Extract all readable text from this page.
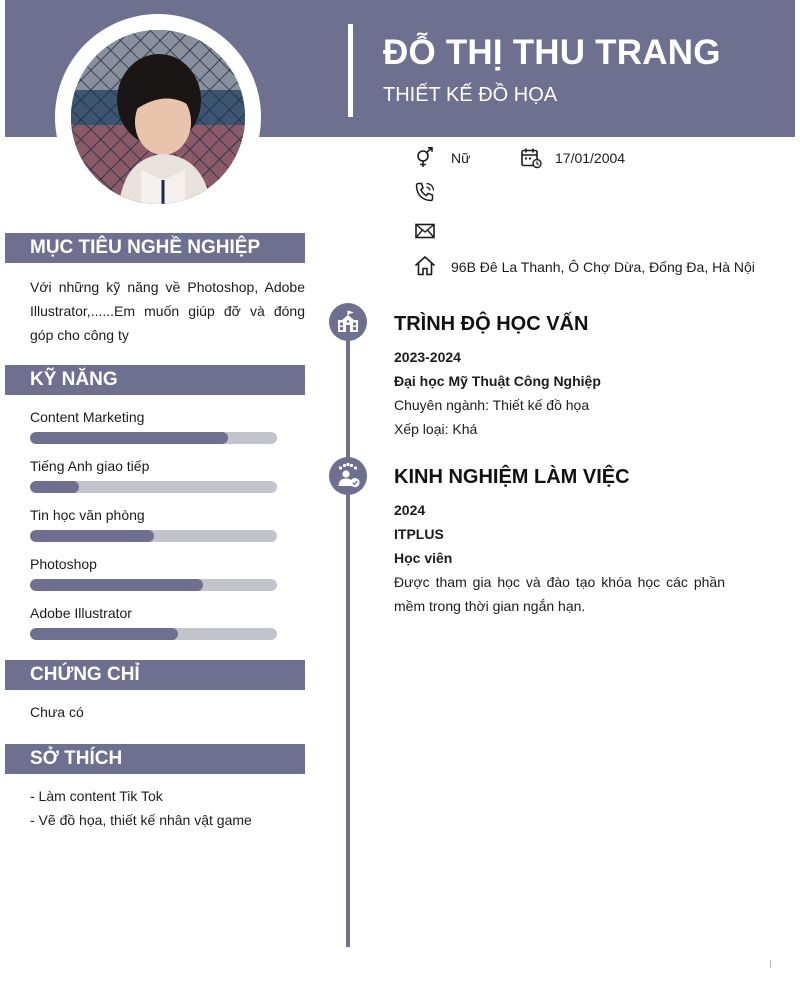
ĐỖ THỊ THU TRANG
THIẾT KẾ ĐỒ HỌA
Nữ	17/01/2004
96B Đê La Thanh, Ô Chợ Dừa, Đống Đa, Hà Nội
MỤC TIÊU NGHỀ NGHIỆP
Với những kỹ năng về Photoshop, Adobe Illustrator,......Em muốn giúp đỡ và đóng góp cho công ty
KỸ NĂNG
Content Marketing
Tiếng Anh giao tiếp
Tin học văn phòng
Photoshop
Adobe Illustrator
CHỨNG CHỈ
Chưa có
SỞ THÍCH
- Làm content Tik Tok
- Vẽ đồ họa, thiết kế nhân vật game
TRÌNH ĐỘ HỌC VẤN
2023-2024
Đại học Mỹ Thuật Công Nghiệp
Chuyên ngành: Thiết kế đồ họa
Xếp loại: Khá
KINH NGHIỆM LÀM VIỆC
2024
ITPLUS
Học viên
Được tham gia học và đào tạo khóa học các phần mềm trong thời gian ngắn hạn.
